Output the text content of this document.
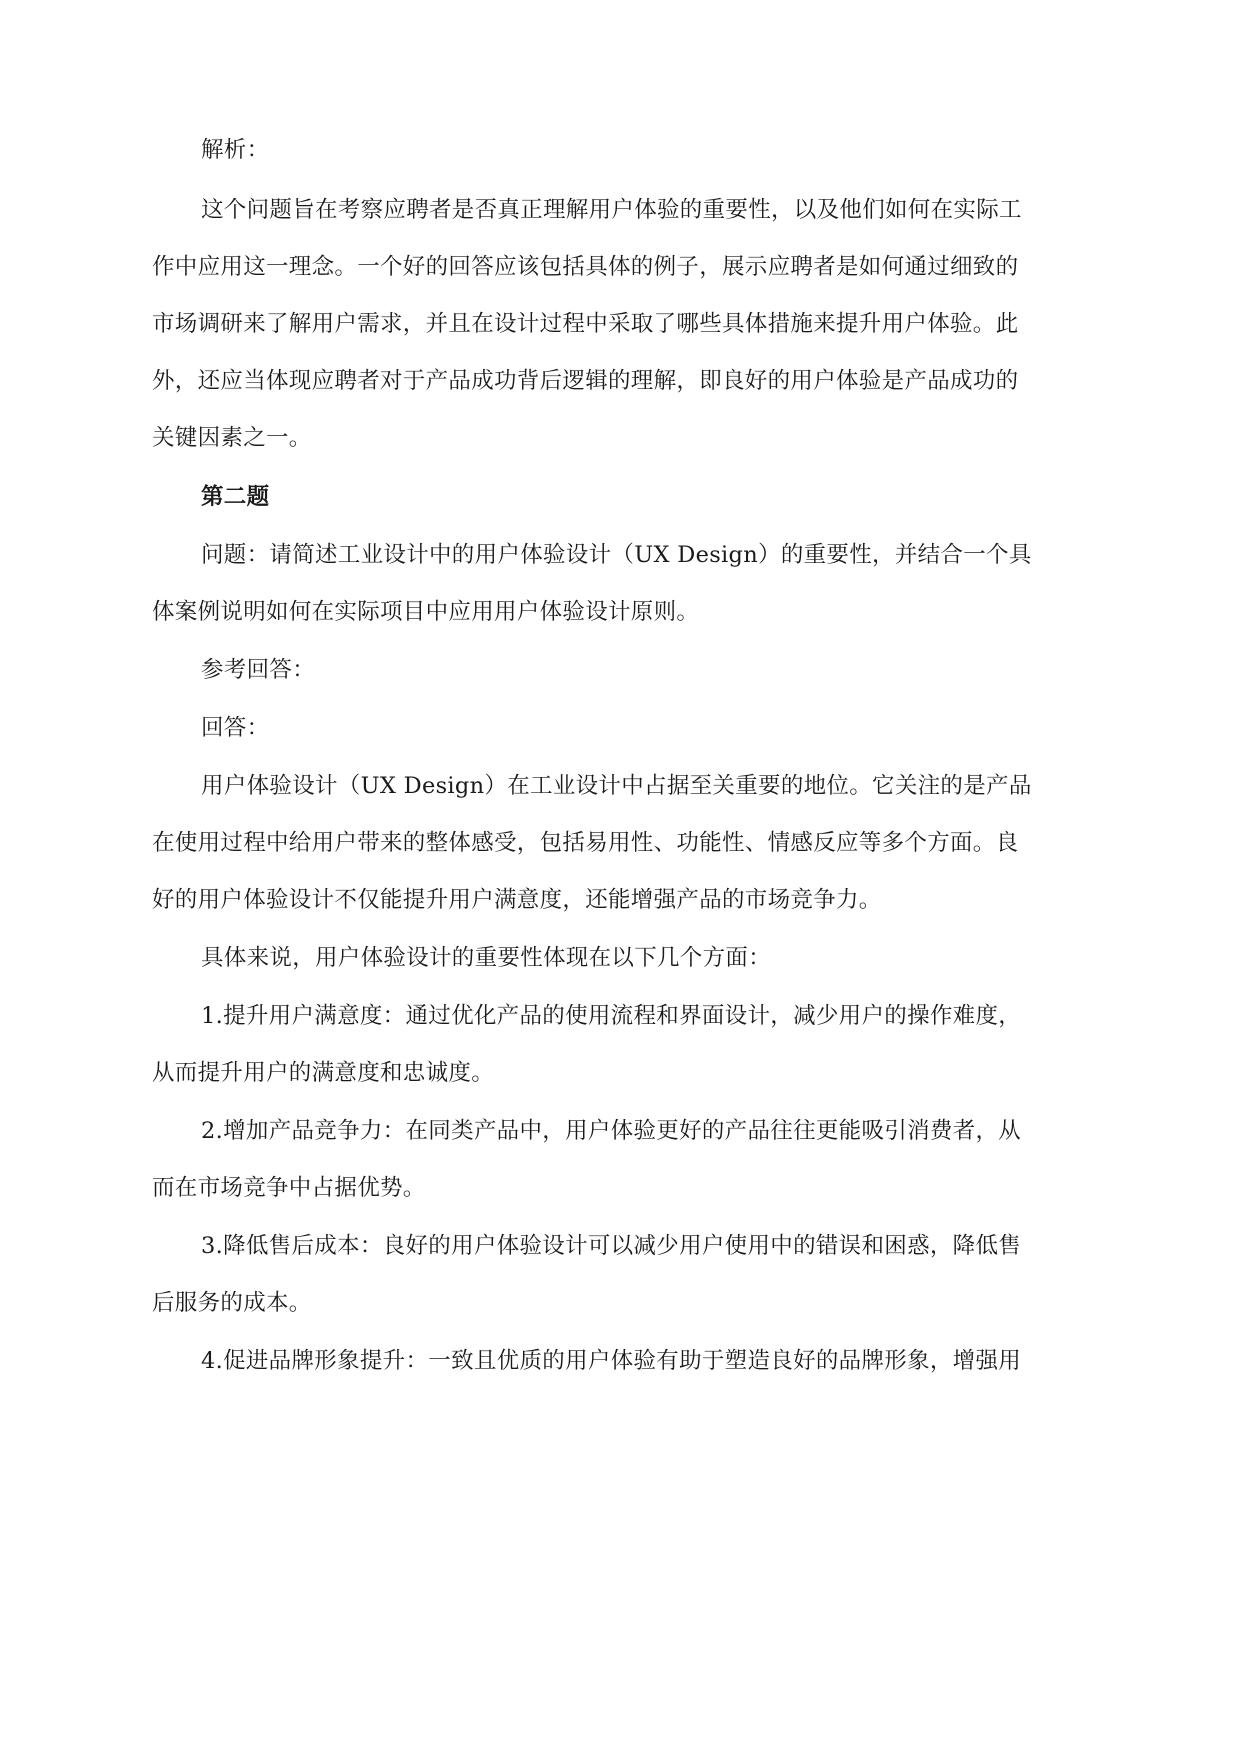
解析：
这个问题旨在考察应聘者是否真正理解用户体验的重要性，以及他们如何在实际工
作中应用这一理念。一个好的回答应该包括具体的例子，展示应聘者是如何通过细致的
市场调研来了解用户需求，并且在设计过程中采取了哪些具体措施来提升用户体验。此
外，还应当体现应聘者对于产品成功背后逻辑的理解，即良好的用户体验是产品成功的
关键因素之一。
第二题
问题：请简述工业设计中的用户体验设计（UX Design）的重要性，并结合一个具
体案例说明如何在实际项目中应用用户体验设计原则。
参考回答：
回答：
用户体验设计（UX Design）在工业设计中占据至关重要的地位。它关注的是产品
在使用过程中给用户带来的整体感受，包括易用性、功能性、情感反应等多个方面。良
好的用户体验设计不仅能提升用户满意度，还能增强产品的市场竞争力。
具体来说，用户体验设计的重要性体现在以下几个方面：
1.提升用户满意度：通过优化产品的使用流程和界面设计，减少用户的操作难度，
从而提升用户的满意度和忠诚度。
2.增加产品竞争力：在同类产品中，用户体验更好的产品往往更能吸引消费者，从
而在市场竞争中占据优势。
3.降低售后成本：良好的用户体验设计可以减少用户使用中的错误和困惑，降低售
后服务的成本。
4.促进品牌形象提升：一致且优质的用户体验有助于塑造良好的品牌形象，增强用
